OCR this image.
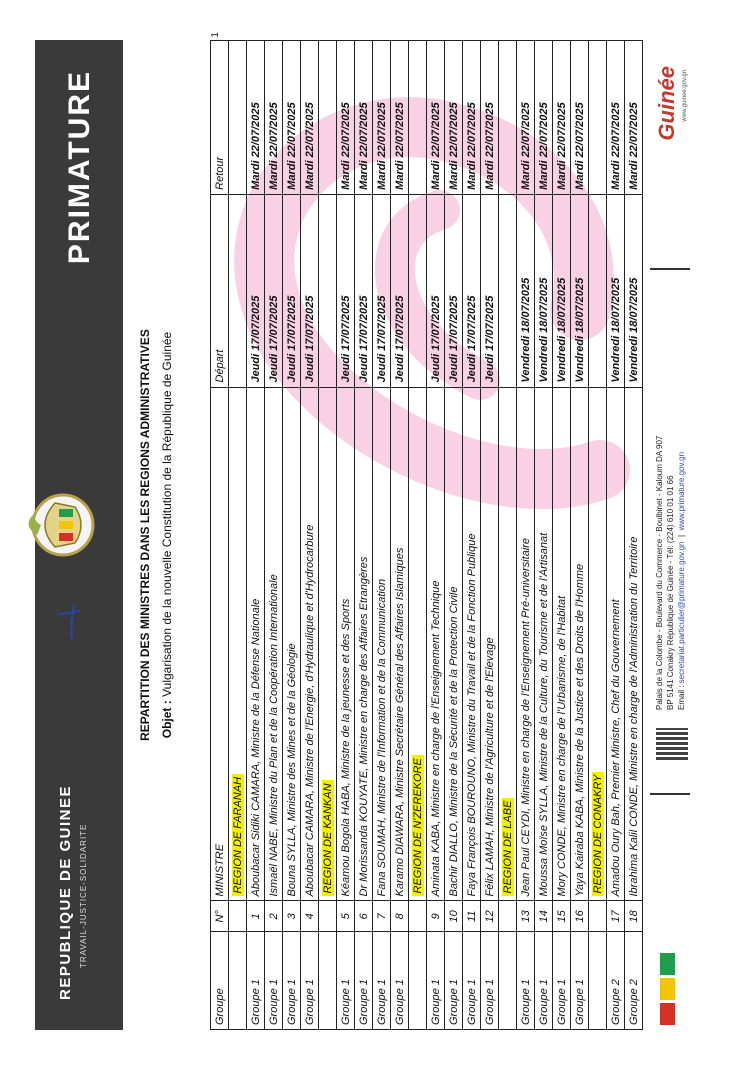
REPUBLIQUE DE GUINEE TRAVAIL-JUSTICE-SOLIDARITE
PRIMATURE
REPARTITION DES MINISTRES DANS LES REGIONS ADMINISTRATIVES Objet : Vulgarisation de la nouvelle Constitution de la République de Guinée
Groupe	N°	MINISTRE	Départ	Retour
		REGION DE FARANAH		
Groupe 1	1	Aboubacar Sidiki CAMARA, Ministre de la Défense Nationale	Jeudi 17/07/2025	Mardi 22/07/2025
Groupe 1	2	Ismaël NABE, Ministre du Plan et de la Coopération Internationale	Jeudi 17/07/2025	Mardi 22/07/2025
Groupe 1	3	Bouna SYLLA, Ministre des Mines et de la Géologie	Jeudi 17/07/2025	Mardi 22/07/2025
Groupe 1	4	Aboubacar CAMARA, Ministre de l'Energie, d'Hydraulique et d'Hydrocarbure	Jeudi 17/07/2025	Mardi 22/07/2025
		REGION DE KANKAN		
Groupe 1	5	Kéamou Bogola HABA, Ministre de la jeunesse et des Sports	Jeudi 17/07/2025	Mardi 22/07/2025
Groupe 1	6	Dr Morissanda KOUYATE, Ministre en charge des Affaires Etrangères	Jeudi 17/07/2025	Mardi 22/07/2025
Groupe 1	7	Fana SOUMAH, Ministre de l'Information et de la Communication	Jeudi 17/07/2025	Mardi 22/07/2025
Groupe 1	8	Karamo DIAWARA, Ministre Secrétaire Général des Affaires Islamiques	Jeudi 17/07/2025	Mardi 22/07/2025
		REGION DE N'ZEREKORE		
Groupe 1	9	Aminata KABA, Ministre en charge de l'Enseignement Technique	Jeudi 17/07/2025	Mardi 22/07/2025
Groupe 1	10	Bachir DIALLO, Ministre de la Sécurité et de la Protection Civile	Jeudi 17/07/2025	Mardi 22/07/2025
Groupe 1	11	Faya François BOUROUNO, Ministre du Travail et de la Fonction Publique	Jeudi 17/07/2025	Mardi 22/07/2025
Groupe 1	12	Félix LAMAH, Ministre de l'Agriculture et de l'Elevage	Jeudi 17/07/2025	Mardi 22/07/2025
		REGION DE LABE		
Groupe 1	13	Jean Paul CEYDI, Ministre en charge de l'Enseignement Pré-universitaire	Vendredi 18/07/2025	Mardi 22/07/2025
Groupe 1	14	Moussa Moïse SYLLA, Ministre de la Culture, du Tourisme et de l'Artisanat	Vendredi 18/07/2025	Mardi 22/07/2025
Groupe 1	15	Mory CONDE, Ministre en charge de l'Urbanisme, de l'Habitat	Vendredi 18/07/2025	Mardi 22/07/2025
Groupe 1	16	Yaya Kairaba KABA, Ministre de la Justice et des Droits de l'Homme	Vendredi 18/07/2025	Mardi 22/07/2025
		REGION DE CONAKRY		
Groupe 2	17	Amadou Oury Bah, Premier Ministre, Chef du Gouvernement	Vendredi 18/07/2025	Mardi 22/07/2025
Groupe 2	18	Ibrahima Kalil CONDE, Ministre en charge de l'Administration du Territoire	Vendredi 18/07/2025	Mardi 22/07/2025
Palais de la Colombe - Boulevard du Commerce - Boulbinet - Kaloum DA 907 BP 5141 Conakry République de Guinée - Tél: (224) 610 01 01 66 Email : secretariat.particulier@primature.gov.gn  |  www.primature.gov.gn
Guinée www.guinee.gov.gn
1
